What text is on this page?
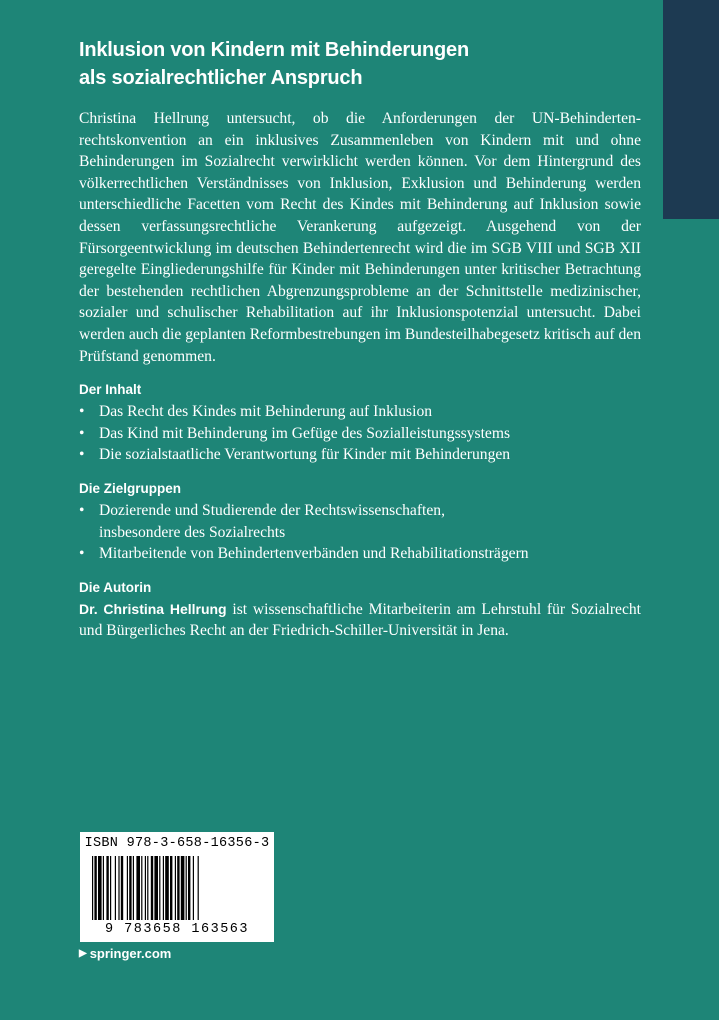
Inklusion von Kindern mit Behinderungen
als sozialrechtlicher Anspruch

Christina Hellrung untersucht, ob die Anforderungen der UN-Behindertenrechtskonvention an ein inklusives Zusammenleben von Kindern mit und ohne Behinderungen im Sozialrecht verwirklicht werden können. Vor dem Hintergrund des völkerrechtlichen Verständnisses von Inklusion, Exklusion und Behinderung werden unterschiedliche Facetten vom Recht des Kindes mit Behinderung auf Inklusion sowie dessen verfassungsrechtliche Verankerung aufgezeigt. Ausgehend von der Fürsorgeentwicklung im deutschen Behindertenrecht wird die im SGB VIII und SGB XII geregelte Eingliederungshilfe für Kinder mit Behinderungen unter kritischer Betrachtung der bestehenden rechtlichen Abgrenzungsprobleme an der Schnittstelle medizinischer, sozialer und schulischer Rehabilitation auf ihr Inklusionspotenzial untersucht. Dabei werden auch die geplanten Reformbestrebungen im Bundesteilhabegesetz kritisch auf den Prüfstand genommen.

Der Inhalt
• Das Recht des Kindes mit Behinderung auf Inklusion
• Das Kind mit Behinderung im Gefüge des Sozialleistungssystems
• Die sozialstaatliche Verantwortung für Kinder mit Behinderungen
Die Zielgruppen
• Dozierende und Studierende der Rechtswissenschaften, insbesondere des Sozialrechts
• Mitarbeitende von Behindertenverbänden und Rehabilitationsträgern
Die Autorin

Dr. Christina Hellrung ist wissenschaftliche Mitarbeiterin am Lehrstuhl für Sozialrecht und Bürgerliches Recht an der Friedrich-Schiller-Universität in Jena.

ISBN 978-3-658-16356-3
9 783658 163563
▶ springer.com
